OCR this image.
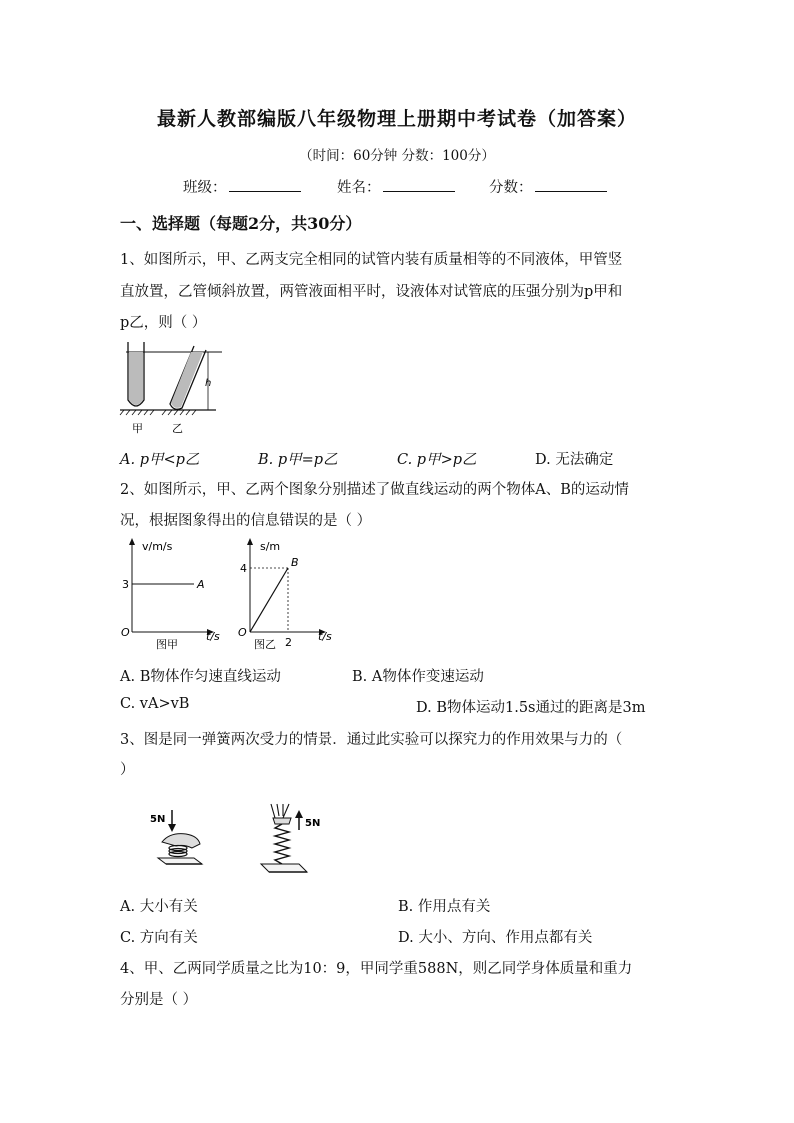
最新人教部编版八年级物理上册期中考试卷（加答案）
（时间：60分钟 分数：100分）
班级：	姓名：	分数：
一、选择题（每题2分，共30分）
1、如图所示，甲、乙两支完全相同的试管内装有质量相等的不同液体，甲管竖
直放置，乙管倾斜放置，两管液面相平时，设液体对试管底的压强分别为p甲和
p乙，则（ ）
h
甲	乙
A. p甲<p乙	B. p甲=p乙	C. p甲>p乙	D. 无法确定
2、如图所示，甲、乙两个图象分别描述了做直线运动的两个物体A、B的运动情
况，根据图象得出的信息错误的是（ ）
v/m/s
3	A
O
图甲
t/s
s/m
4	B
O
图乙 2 t/s
A. B物体作匀速直线运动	B. A物体作变速运动
C. vA>vB	D. B物体运动1.5s通过的距离是3m
3、图是同一弹簧两次受力的情景．通过此实验可以探究力的作用效果与力的（
）
5N	5N
A. 大小有关	B. 作用点有关
C. 方向有关	D. 大小、方向、作用点都有关
4、甲、乙两同学质量之比为10：9，甲同学重588N，则乙同学身体质量和重力
分别是（ ）
